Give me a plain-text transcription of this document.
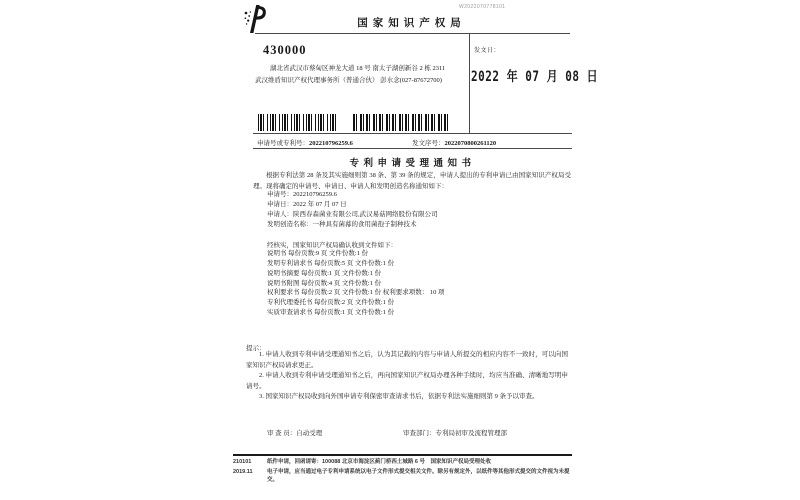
W2022070778101
国家知识产权局
430000
湖北省武汉市蔡甸区神龙大道 18 号 南太子湖创新谷 2 栋 2311
武汉维盾知识产权代理事务所（普通合伙） 彭水念(027-87672700)
发文日：
2022 年 07 月 08 日
申请号或专利号：202210796259.6	发文序号：2022070800261120
专利申请受理通知书
根据专利法第 28 条及其实施细则第 38 条、第 39 条的规定，申请人提出的专利申请已由国家知识产权局受理。现将确定的申请号、申请日、申请人和发明创造名称通知如下：
申请号：202210796259.6
申请日：2022 年 07 月 07 日
申请人：陕西春森菌业有限公司,武汉易菇网络股份有限公司
发明创造名称：一种具有菌幕的食用菌孢子制种技术
经核实，国家知识产权局确认收到文件如下：
说明书 每份页数:9 页 文件份数:1 份
发明专利请求书 每份页数:5 页 文件份数:1 份
说明书摘要 每份页数:1 页 文件份数:1 份
说明书附图 每份页数:4 页 文件份数:1 份
权利要求书 每份页数:2 页 文件份数:1 份 权利要求项数： 10 项
专利代理委托书 每份页数:2 页 文件份数:1 份
实质审查请求书 每份页数:1 页 文件份数:1 份
提示：
1. 申请人收到专利申请受理通知书之后，认为其记载的内容与申请人所提交的相应内容不一致时，可以向国家知识产权局请求更正。
2. 申请人收到专利申请受理通知书之后，再向国家知识产权局办理各种手续时，均应当准确、清晰地写明申请号。
3. 国家知识产权局收到向外国申请专利保密审查请求书后，依据专利法实施细则第 9 条予以审查。
审 查 员：自动受理	审查部门：专利局初审及流程管理部
210101	纸件申请，回函请寄：100088 北京市海淀区蓟门桥西土城路 6 号　国家知识产权局受理处收
2019.11	电子申请，应当通过电子专利申请系统以电子文件形式提交相关文件。除另有规定外，以纸件等其他形式提交的文件视为未提交。
